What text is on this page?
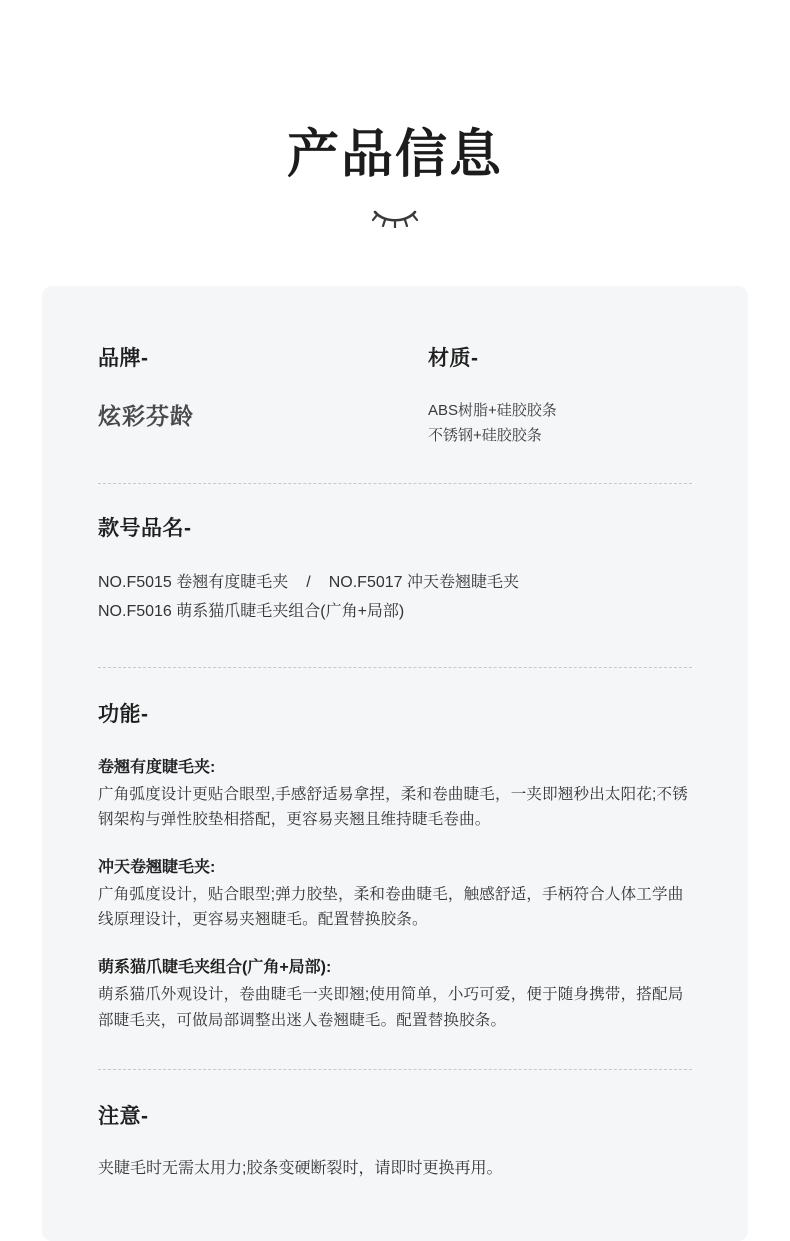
产品信息
品牌-
炫彩芬龄
材质-
ABS树脂+硅胶胶条
不锈钢+硅胶胶条
款号品名-
NO.F5015 卷翘有度睫毛夹 / NO.F5017 冲天卷翘睫毛夹
NO.F5016 萌系猫爪睫毛夹组合(广角+局部)
功能-
卷翘有度睫毛夹:
广角弧度设计更贴合眼型,手感舒适易拿捏，柔和卷曲睫毛，一夹即翘秒出太阳花;不锈钢架构与弹性胶垫相搭配，更容易夹翘且维持睫毛卷曲。
冲天卷翘睫毛夹:
广角弧度设计，贴合眼型;弹力胶垫，柔和卷曲睫毛，触感舒适，手柄符合人体工学曲线原理设计，更容易夹翘睫毛。配置替换胶条。
萌系猫爪睫毛夹组合(广角+局部):
萌系猫爪外观设计，卷曲睫毛一夹即翘;使用简单，小巧可爱，便于随身携带，搭配局部睫毛夹，可做局部调整出迷人卷翘睫毛。配置替换胶条。
注意-
夹睫毛时无需太用力;胶条变硬断裂时，请即时更换再用。
